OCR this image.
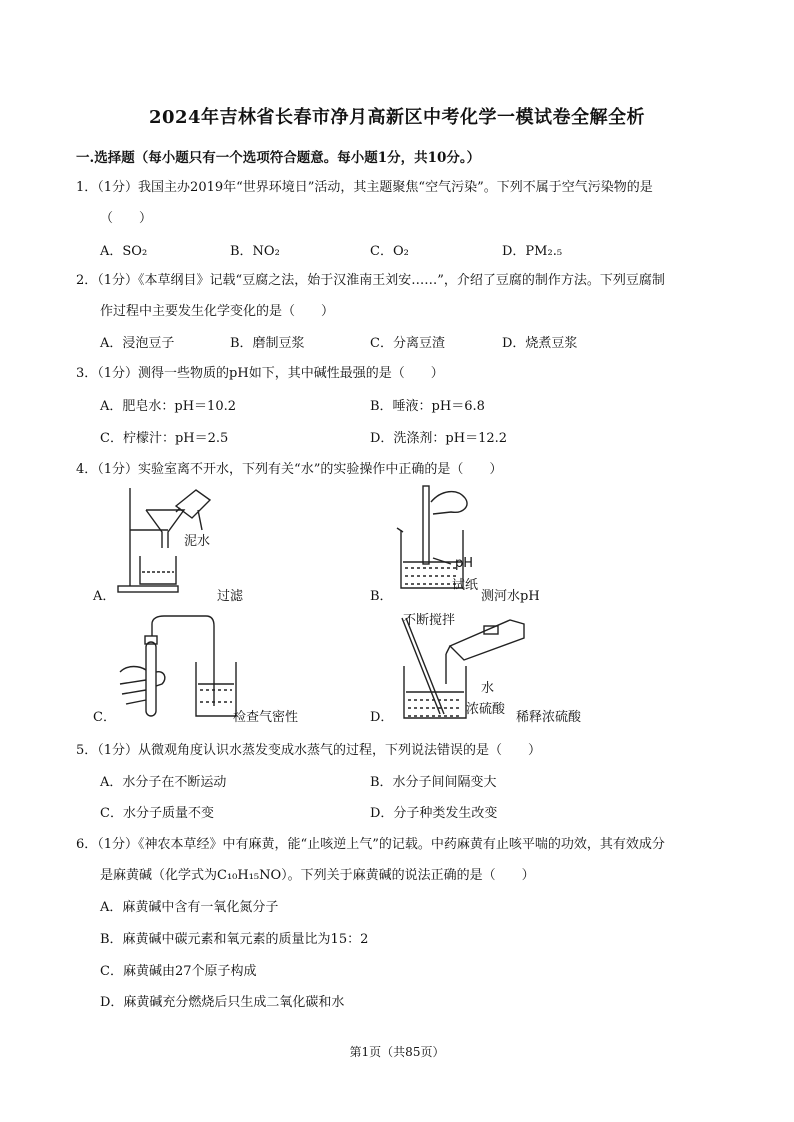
2024年吉林省长春市净月高新区中考化学一模试卷全解全析
一.选择题（每小题只有一个选项符合题意。每小题1分，共10分。）
1．（1分）我国主办2019年“世界环境日”活动，其主题聚焦“空气污染”。下列不属于空气污染物的是
（　　）
A．SO₂	B．NO₂	C．O₂	D．PM₂.₅
2．（1分）《本草纲目》记载“豆腐之法，始于汉淮南王刘安……”，介绍了豆腐的制作方法。下列豆腐制
作过程中主要发生化学变化的是（　　）
A．浸泡豆子	B．磨制豆浆	C．分离豆渣	D．烧煮豆浆
3．（1分）测得一些物质的pH如下，其中碱性最强的是（　　）
A．肥皂水：pH＝10.2	B．唾液：pH＝6.8
C．柠檬汁：pH＝2.5	D．洗涤剂：pH＝12.2
4．（1分）实验室离不开水，下列有关“水”的实验操作中正确的是（　　）
泥水
A．	过滤
pH
试纸
B．	测河水pH
C．	检查气密性
不断搅拌
水
浓硫酸
D．	稀释浓硫酸
5．（1分）从微观角度认识水蒸发变成水蒸气的过程，下列说法错误的是（　　）
A．水分子在不断运动	B．水分子间间隔变大
C．水分子质量不变	D．分子种类发生改变
6．（1分）《神农本草经》中有麻黄，能“止咳逆上气”的记载。中药麻黄有止咳平喘的功效，其有效成分
是麻黄碱（化学式为C₁₀H₁₅NO）。下列关于麻黄碱的说法正确的是（　　）
A．麻黄碱中含有一氧化氮分子
B．麻黄碱中碳元素和氧元素的质量比为15：2
C．麻黄碱由27个原子构成
D．麻黄碱充分燃烧后只生成二氧化碳和水
第1页（共85页）
